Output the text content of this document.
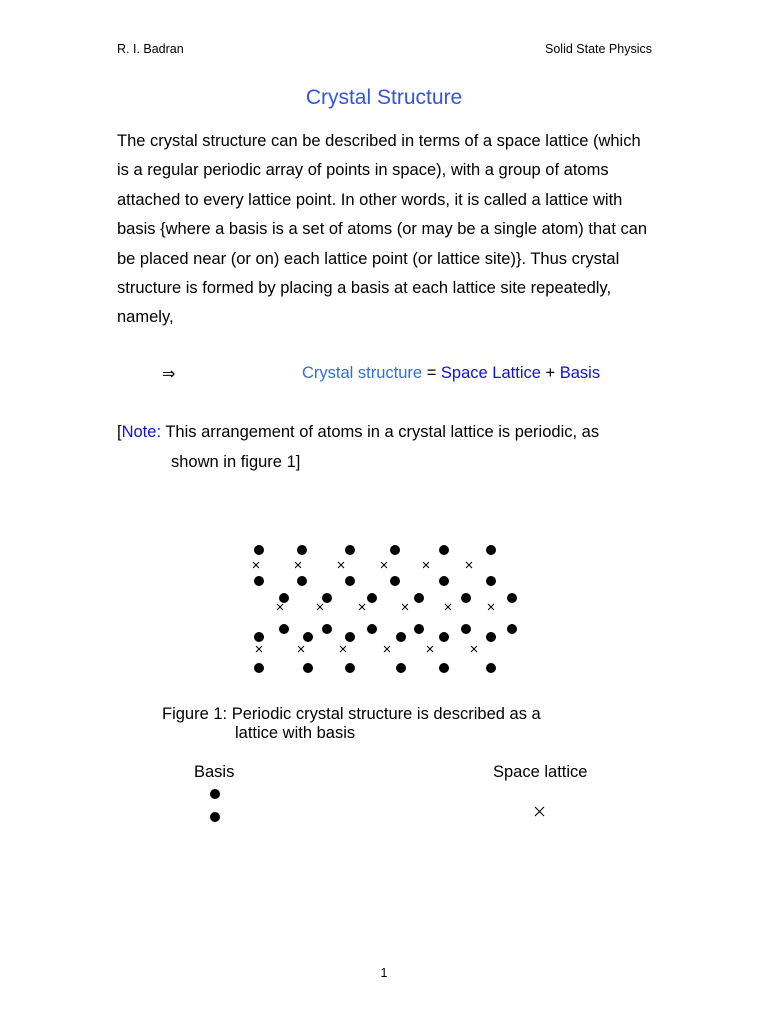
R. I. Badran	Solid State Physics
Crystal Structure
The crystal structure can be described in terms of a space lattice (which is a regular periodic array of points in space), with a group of atoms attached to every lattice point. In other words, it is called a lattice with basis {where a basis is a set of atoms (or may be a single atom) that can be placed near (or on) each lattice point (or lattice site)}. Thus crystal structure is formed by placing a basis at each lattice site repeatedly, namely,
⇒	Crystal structure = Space Lattice + Basis
[Note: This arrangement of atoms in a crystal lattice is periodic, as
shown in figure 1]
Figure 1: Periodic crystal structure is described as a
lattice with basis
Basis	Space lattice
1
